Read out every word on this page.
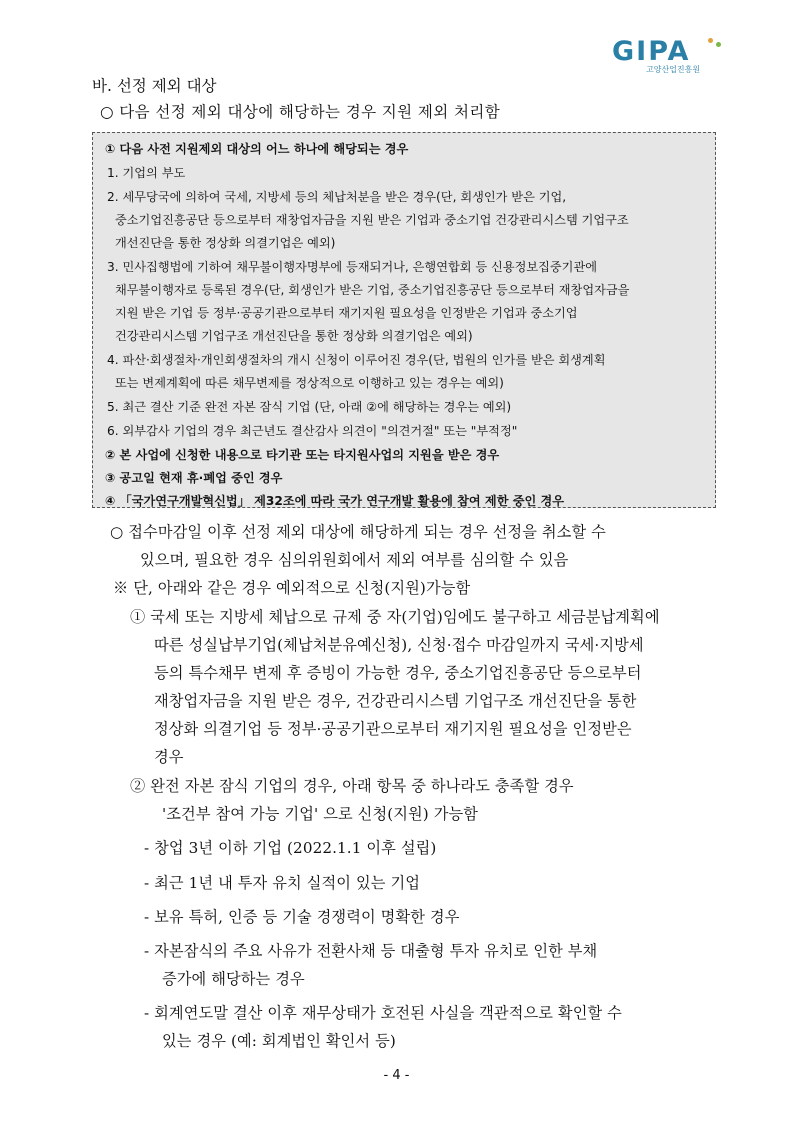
GIPA
고양산업진흥원
바. 선정 제외 대상
○ 다음 선정 제외 대상에 해당하는 경우 지원 제외 처리함
① 다음 사전 지원제외 대상의 어느 하나에 해당되는 경우
1. 기업의 부도
2. 세무당국에 의하여 국세, 지방세 등의 체납처분을 받은 경우(단, 회생인가 받은 기업,
중소기업진흥공단 등으로부터 재창업자금을 지원 받은 기업과 중소기업 건강관리시스템 기업구조
개선진단을 통한 정상화 의결기업은 예외)
3. 민사집행법에 기하여 채무불이행자명부에 등재되거나, 은행연합회 등 신용정보집중기관에
채무불이행자로 등록된 경우(단, 회생인가 받은 기업, 중소기업진흥공단 등으로부터 재창업자금을
지원 받은 기업 등 정부·공공기관으로부터 재기지원 필요성을 인정받은 기업과 중소기업
건강관리시스템 기업구조 개선진단을 통한 정상화 의결기업은 예외)
4. 파산·회생절차·개인회생절차의 개시 신청이 이루어진 경우(단, 법원의 인가를 받은 회생계획
또는 변제계획에 따른 채무변제를 정상적으로 이행하고 있는 경우는 예외)
5. 최근 결산 기준 완전 자본 잠식 기업 (단, 아래 ②에 해당하는 경우는 예외)
6. 외부감사 기업의 경우 최근년도 결산감사 의견이 "의견거절" 또는 "부적정"
② 본 사업에 신청한 내용으로 타기관 또는 타지원사업의 지원을 받은 경우
③ 공고일 현재 휴·폐업 중인 경우
④ 「국가연구개발혁신법」 제32조에 따라 국가 연구개발 활용에 참여 제한 중인 경우
○ 접수마감일 이후 선정 제외 대상에 해당하게 되는 경우 선정을 취소할 수
있으며, 필요한 경우 심의위원회에서 제외 여부를 심의할 수 있음
※ 단, 아래와 같은 경우 예외적으로 신청(지원)가능함
① 국세 또는 지방세 체납으로 규제 중 자(기업)임에도 불구하고 세금분납계획에
따른 성실납부기업(체납처분유예신청), 신청·접수 마감일까지 국세·지방세
등의 특수채무 변제 후 증빙이 가능한 경우, 중소기업진흥공단 등으로부터
재창업자금을 지원 받은 경우, 건강관리시스템 기업구조 개선진단을 통한
정상화 의결기업 등 정부·공공기관으로부터 재기지원 필요성을 인정받은
경우
② 완전 자본 잠식 기업의 경우, 아래 항목 중 하나라도 충족할 경우
'조건부 참여 가능 기업' 으로 신청(지원) 가능함
- 창업 3년 이하 기업 (2022.1.1 이후 설립)
- 최근 1년 내 투자 유치 실적이 있는 기업
- 보유 특허, 인증 등 기술 경쟁력이 명확한 경우
- 자본잠식의 주요 사유가 전환사채 등 대출형 투자 유치로 인한 부채
증가에 해당하는 경우
- 회계연도말 결산 이후 재무상태가 호전된 사실을 객관적으로 확인할 수
있는 경우 (예: 회계법인 확인서 등)
- 4 -
